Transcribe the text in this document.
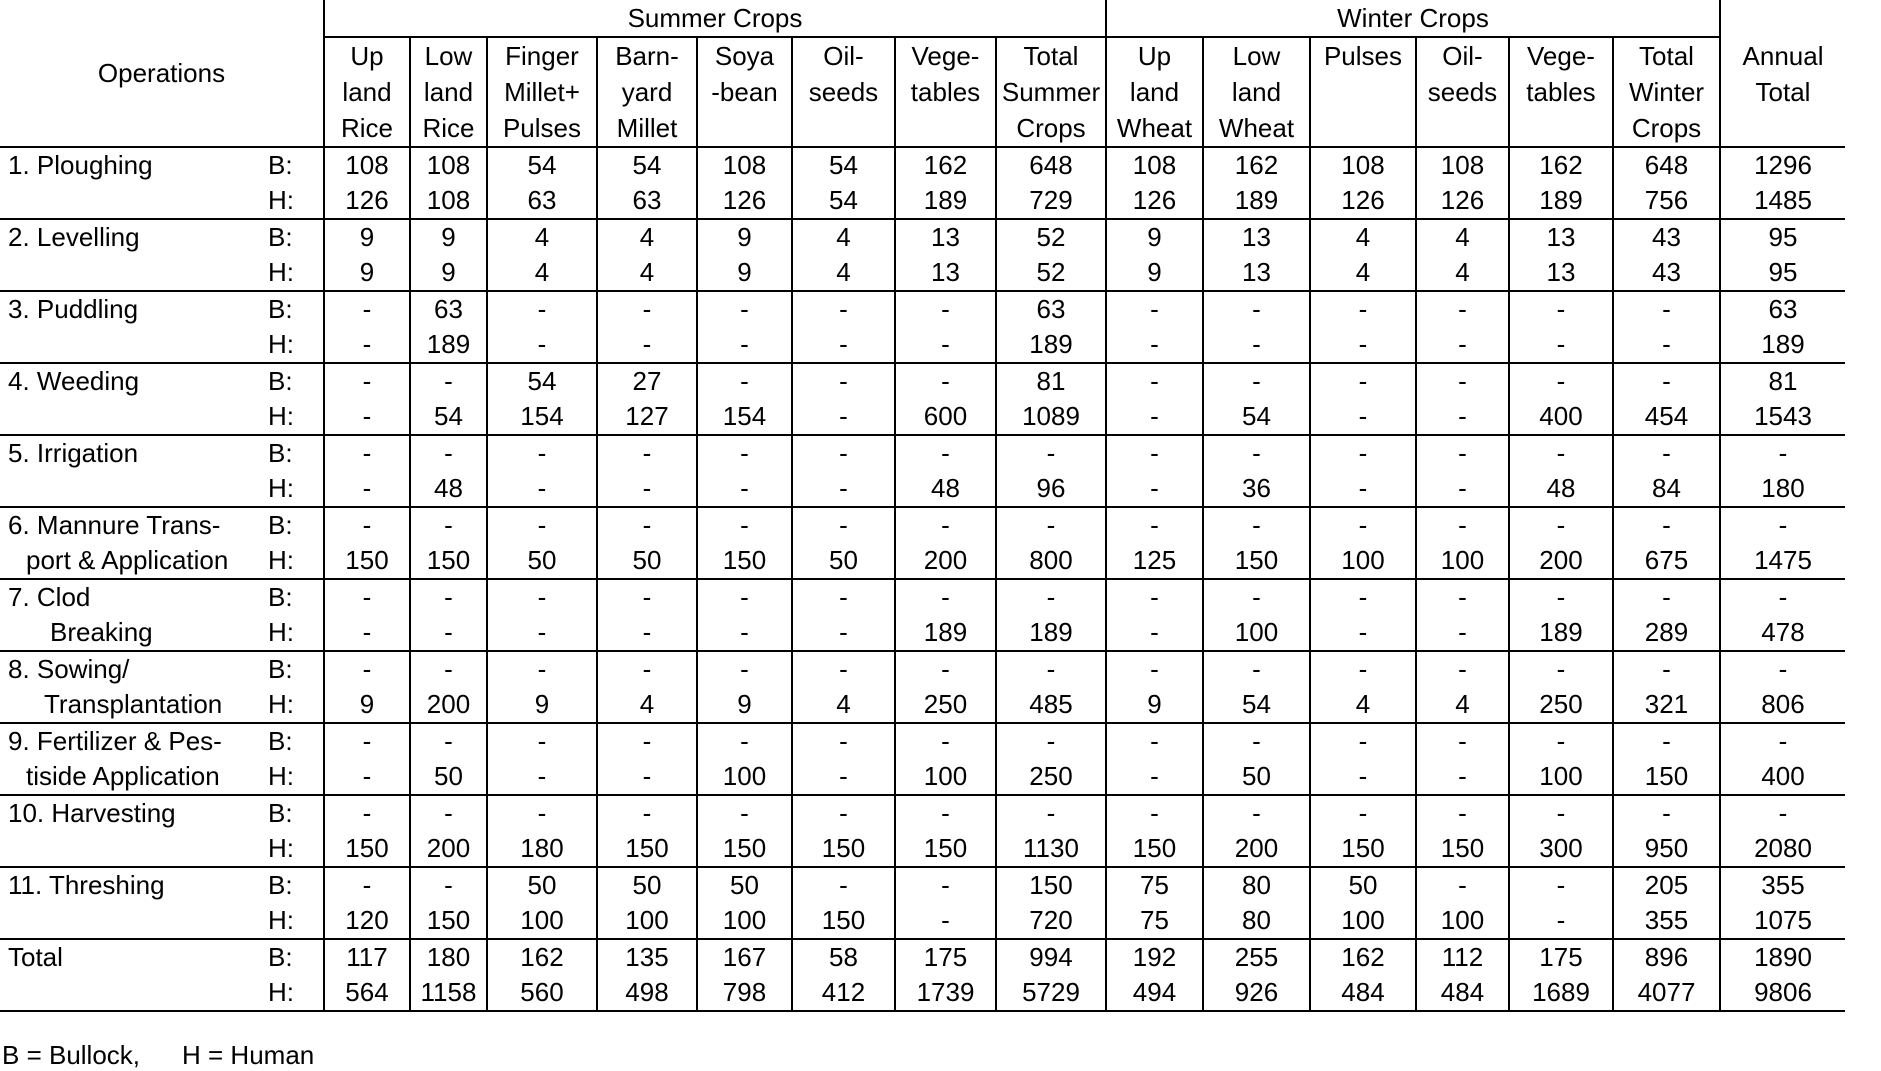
Operations		Summer Crops								Winter Crops						
		Up	Low	Finger	Barn-	Soya	Oil-	Vege-	Total	Up	Low	Pulses	Oil-	Vege-	Total	Annual
		land	land	Millet+	yard	-bean	seeds	tables	Summer	land	land		seeds	tables	Winter	Total
		Rice	Rice	Pulses	Millet				Crops	Wheat	Wheat				Crops	
1. Ploughing	B:	108	108	54	54	108	54	162	648	108	162	108	108	162	648	1296
	H:	126	108	63	63	126	54	189	729	126	189	126	126	189	756	1485
2. Levelling	B:	9	9	4	4	9	4	13	52	9	13	4	4	13	43	95
	H:	9	9	4	4	9	4	13	52	9	13	4	4	13	43	95
3. Puddling	B:	-	63	-	-	-	-	-	63	-	-	-	-	-	-	63
	H:	-	189	-	-	-	-	-	189	-	-	-	-	-	-	189
4. Weeding	B:	-	-	54	27	-	-	-	81	-	-	-	-	-	-	81
	H:	-	54	154	127	154	-	600	1089	-	54	-	-	400	454	1543
5. Irrigation	B:	-	-	-	-	-	-	-	-	-	-	-	-	-	-	-
	H:	-	48	-	-	-	-	48	96	-	36	-	-	48	84	180
6. Mannure Trans-	B:	-	-	-	-	-	-	-	-	-	-	-	-	-	-	-
port & Application	H:	150	150	50	50	150	50	200	800	125	150	100	100	200	675	1475
7. Clod	B:	-	-	-	-	-	-	-	-	-	-	-	-	-	-	-
Breaking	H:	-	-	-	-	-	-	189	189	-	100	-	-	189	289	478
8. Sowing/	B:	-	-	-	-	-	-	-	-	-	-	-	-	-	-	-
Transplantation	H:	9	200	9	4	9	4	250	485	9	54	4	4	250	321	806
9. Fertilizer & Pes-	B:	-	-	-	-	-	-	-	-	-	-	-	-	-	-	-
tiside Application	H:	-	50	-	-	100	-	100	250	-	50	-	-	100	150	400
10. Harvesting	B:	-	-	-	-	-	-	-	-	-	-	-	-	-	-	-
	H:	150	200	180	150	150	150	150	1130	150	200	150	150	300	950	2080
11. Threshing	B:	-	-	50	50	50	-	-	150	75	80	50	-	-	205	355
	H:	120	150	100	100	100	150	-	720	75	80	100	100	-	355	1075
Total	B:	117	180	162	135	167	58	175	994	192	255	162	112	175	896	1890
	H:	564	1158	560	498	798	412	1739	5729	494	926	484	484	1689	4077	9806
B = Bullock, H = Human
